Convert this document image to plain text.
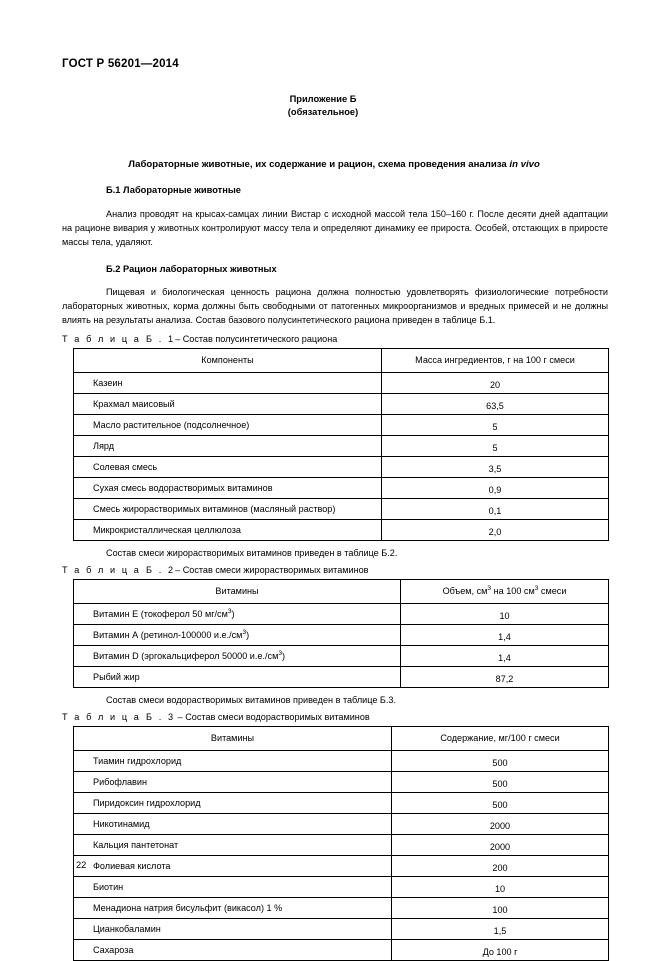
ГОСТ Р 56201—2014
Приложение Б
(обязательное)
Лабораторные животные, их содержание и рацион, схема проведения анализа in vivo
Б.1 Лабораторные животные

Анализ проводят на крысах-самцах линии Вистар с исходной массой тела 150–160 г. После десяти дней адаптации на рационе вивария у животных контролируют массу тела и определяют динамику ее прироста. Особей, отстающих в приросте массы тела, удаляют.

Б.2 Рацион лабораторных животных

Пищевая и биологическая ценность рациона должна полностью удовлетворять физиологические потребности лабораторных животных, корма должны быть свободными от патогенных микроорганизмов и вредных примесей и не должны влиять на результаты анализа. Состав базового полусинтетического рациона приведен в таблице Б.1.

Т а б л и ц а Б . 1– Состав полусинтетического рациона
Компоненты	Масса ингредиентов, г на 100 г смеси
Казеин	20
Крахмал маисовый	63,5
Масло растительное (подсолнечное)	5
Лярд	5
Солевая смесь	3,5
Сухая смесь водорастворимых витаминов	0,9
Смесь жирорастворимых витаминов (масляный раствор)	0,1
Микрокристаллическая целлюлоза	2,0
Состав смеси жирорастворимых витаминов приведен в таблице Б.2.
Т а б л и ц а Б . 2– Состав смеси жирорастворимых витаминов
Витамины	Объем, $см^3$ на 100 $см^3$ смеси
Витамин Е (токоферол 50 $мг/см^3$)	10
Витамин А (ретинол-100000 $и.е./см^3$)	1,4
Витамин D (эргокальциферол 50000 $и.е./см^3$)	1,4
Рыбий жир	87,2
Состав смеси водорастворимых витаминов приведен в таблице Б.3.
Т а б л и ц а Б . 3 – Состав смеси водорастворимых витаминов
Витамины	Содержание, мг/100 г смеси
Тиамин гидрохлорид	500
Рибофлавин	500
Пиридоксин гидрохлорид	500
Никотинамид	2000
Кальция пантетонат	2000
Фолиевая кислота	200
Биотин	10
Менадиона натрия бисульфит (викасол) 1 %	100
Цианкобаламин	1,5
Сахароза	До 100 г
22
